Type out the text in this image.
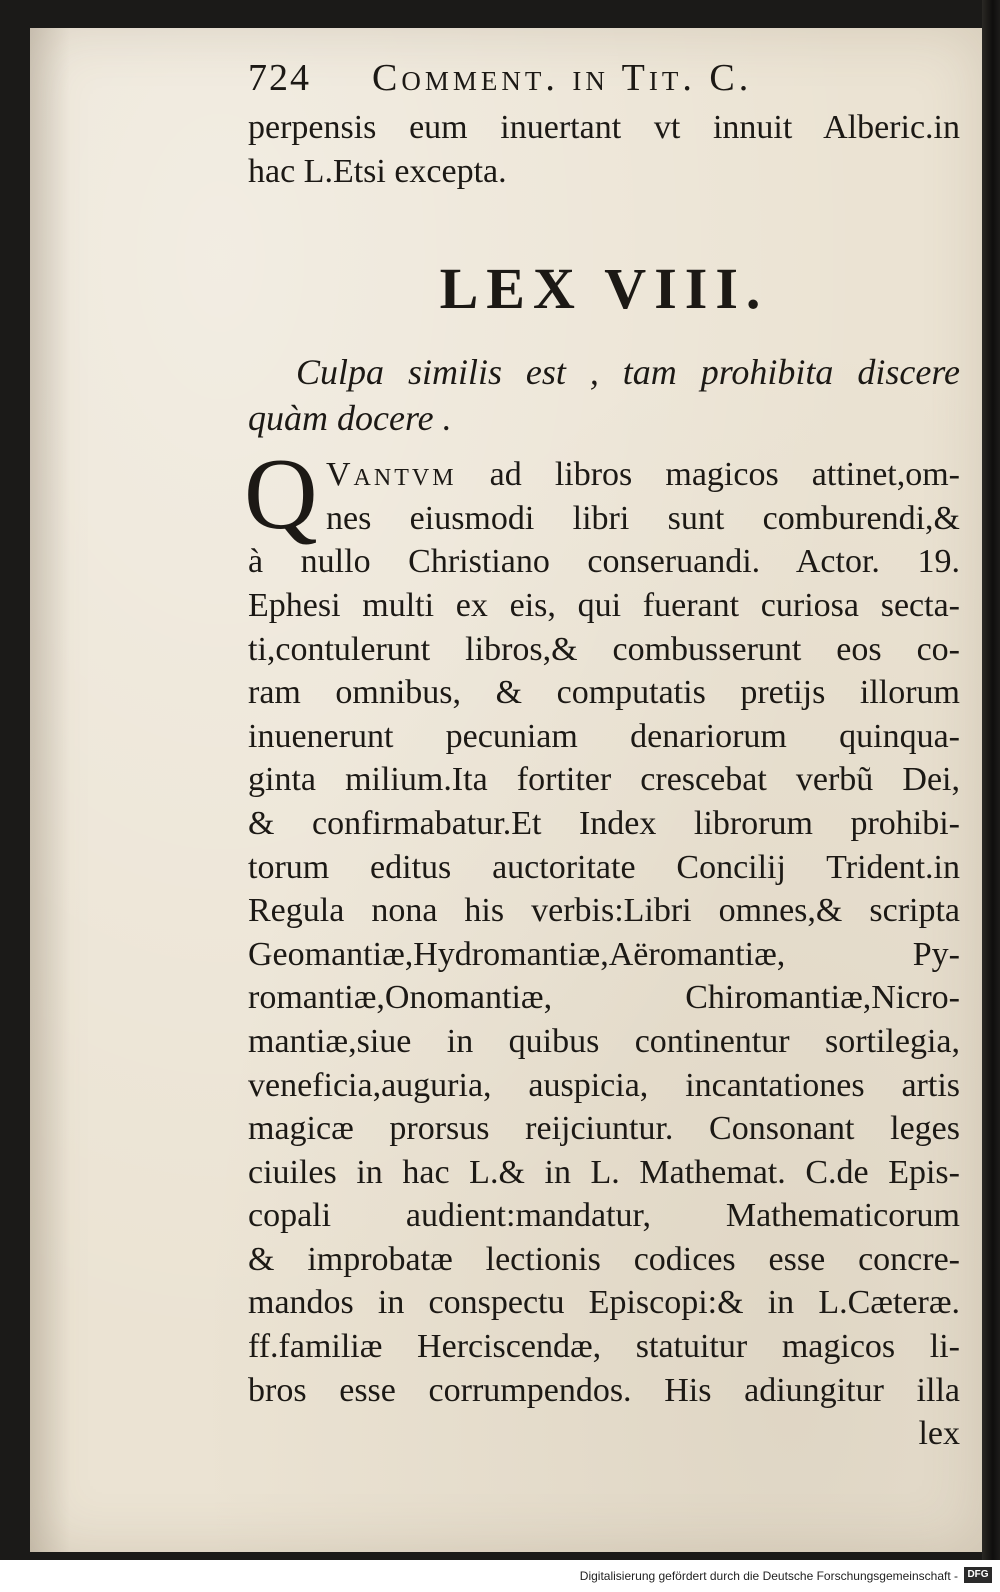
724	Comment. in Tit. C.
perpensis eum inuertant vt innuit Alberic.in
hac L.Etsi excepta.
LEX VIII.
Culpa similis est , tam prohibita discere
quàm docere .
Q Vantvm ad libros magicos attinet,om-
nes eiusmodi libri sunt comburendi,&
à nullo Christiano conseruandi. Actor. 19.
Ephesi multi ex eis, qui fuerant curiosa secta-
ti,contulerunt libros,& combusserunt eos co-
ram omnibus, & computatis pretijs illorum
inuenerunt pecuniam denariorum quinqua-
ginta milium.Ita fortiter crescebat verbũ Dei,
& confirmabatur.Et Index librorum prohibi-
torum editus auctoritate Concilij Trident.in
Regula nona his verbis:Libri omnes,& scripta
Geomantiæ,Hydromantiæ,Aëromantiæ, Py-
romantiæ,Onomantiæ, Chiromantiæ,Nicro-
mantiæ,siue in quibus continentur sortilegia,
veneficia,auguria, auspicia, incantationes artis
magicæ prorsus reijciuntur. Consonant leges
ciuiles in hac L.& in L. Mathemat. C.de Epis-
copali audient:mandatur, Mathematicorum
& improbatæ lectionis codices esse concre-
mandos in conspectu Episcopi:& in L.Cæteræ.
ff.familiæ Herciscendæ, statuitur magicos li-
bros esse corrumpendos. His adiungitur illa
lex
Digitalisierung gefördert durch die Deutsche Forschungsgemeinschaft - DFG
